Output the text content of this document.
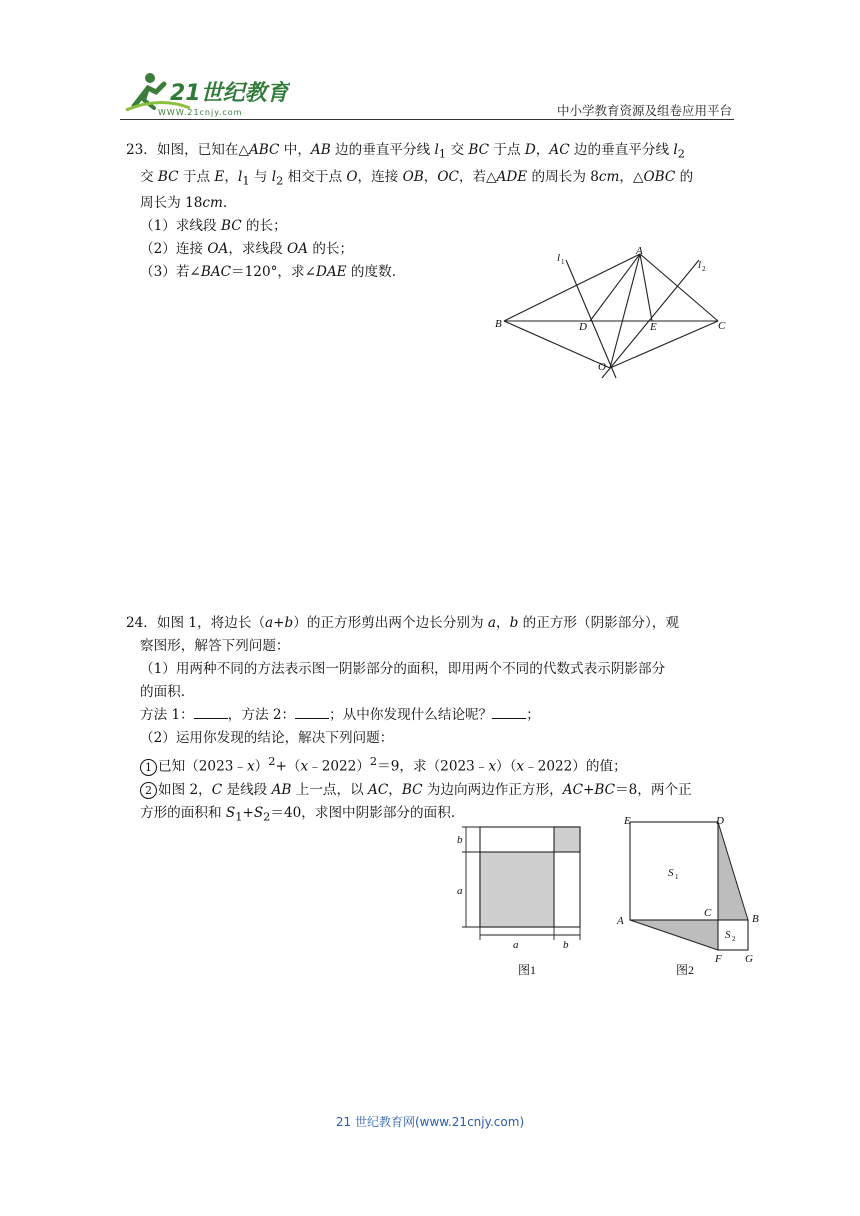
21世纪教育
WWW.21cnjy.com	中小学教育资源及组卷应用平台

23．如图，已知在△ABC 中，AB 边的垂直平分线 $l_1$ 交 BC 于点 D，AC 边的垂直平分线 $l_2$

交 BC 于点 E，$l_1$ 与 $l_2$ 相交于点 O，连接 OB，OC，若△ADE 的周长为 8cm，△OBC 的

周长为 18cm.

（1）求线段 BC 的长；

（2）连接 OA，求线段 OA 的长；

（3）若∠BAC＝120°，求∠DAE 的度数.

A
B	C
D	E
O
l 1	l 2

24．如图 1，将边长（a+b）的正方形剪出两个边长分别为 a，b 的正方形（阴影部分），观

察图形，解答下列问题：

（1）用两种不同的方法表示图一阴影部分的面积，即用两个不同的代数式表示阴影部分

的面积.

方法 1：	，方法 2：	；从中你发现什么结论呢？	；

（2）运用你发现的结论，解决下列问题：

1 已知（2023﹣x）$^2$+（x﹣2022）$^2$＝9，求（2023﹣x）（x﹣2022）的值；

2 如图 2，C 是线段 AB 上一点，以 AC，BC 为边向两边作正方形，AC+BC＝8，两个正

方形的面积和 $S_1+S_2=40$，求图中阴影部分的面积.

b
a
a	b
图1
E	D
S 1
A
C	B
S 2
F G
图2
21 世纪教育网(www.21cnjy.com)
